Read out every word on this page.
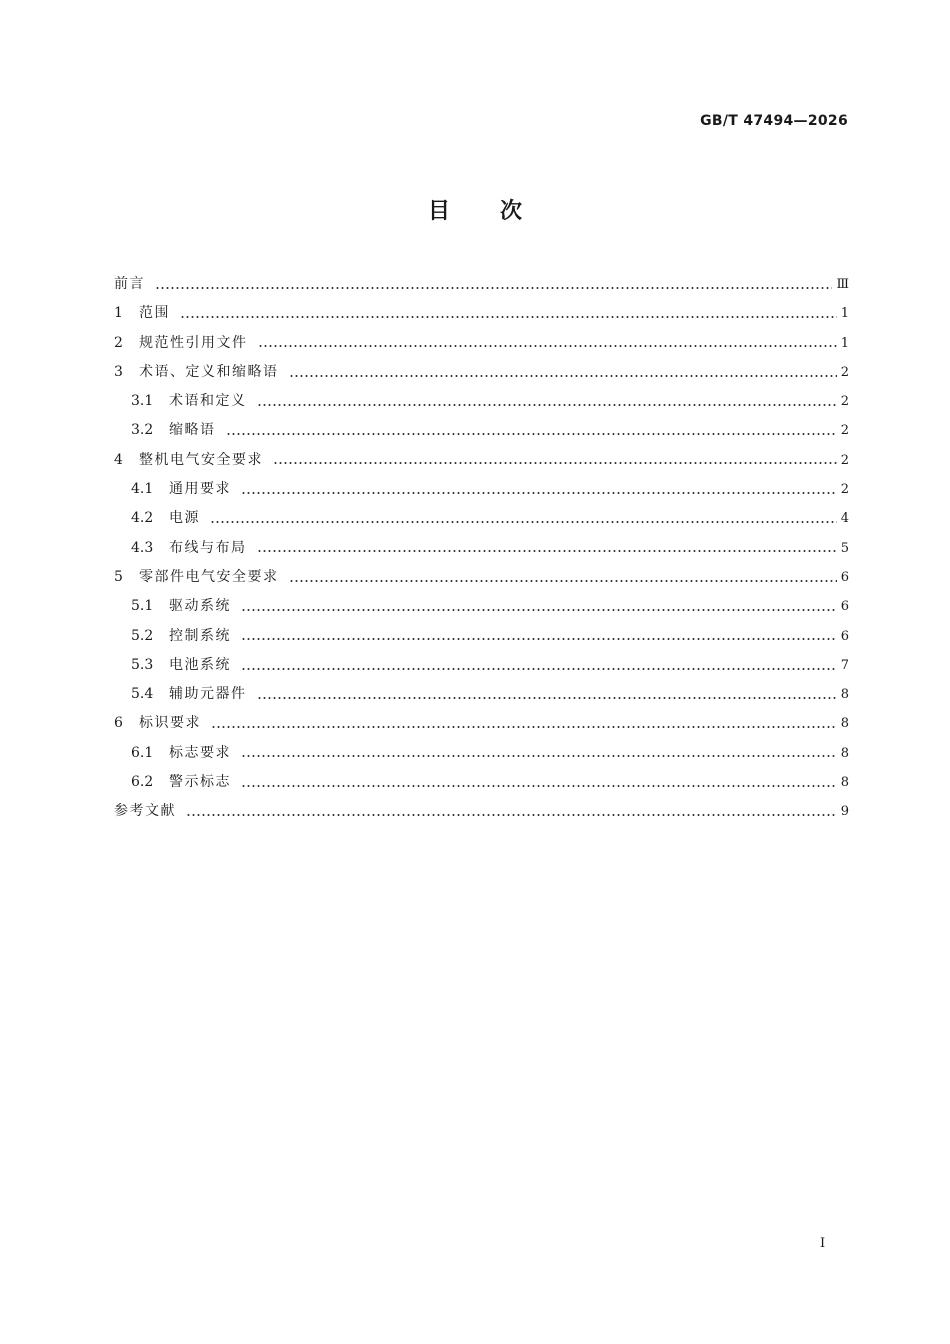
GB/T 47494—2026
目次
前言	Ⅲ
1	范围	1
2	规范性引用文件	1
3	术语、定义和缩略语	2
3.1	术语和定义	2
3.2	缩略语	2
4	整机电气安全要求	2
4.1	通用要求	2
4.2	电源	4
4.3	布线与布局	5
5	零部件电气安全要求	6
5.1	驱动系统	6
5.2	控制系统	6
5.3	电池系统	7
5.4	辅助元器件	8
6	标识要求	8
6.1	标志要求	8
6.2	警示标志	8
参考文献	9
I
